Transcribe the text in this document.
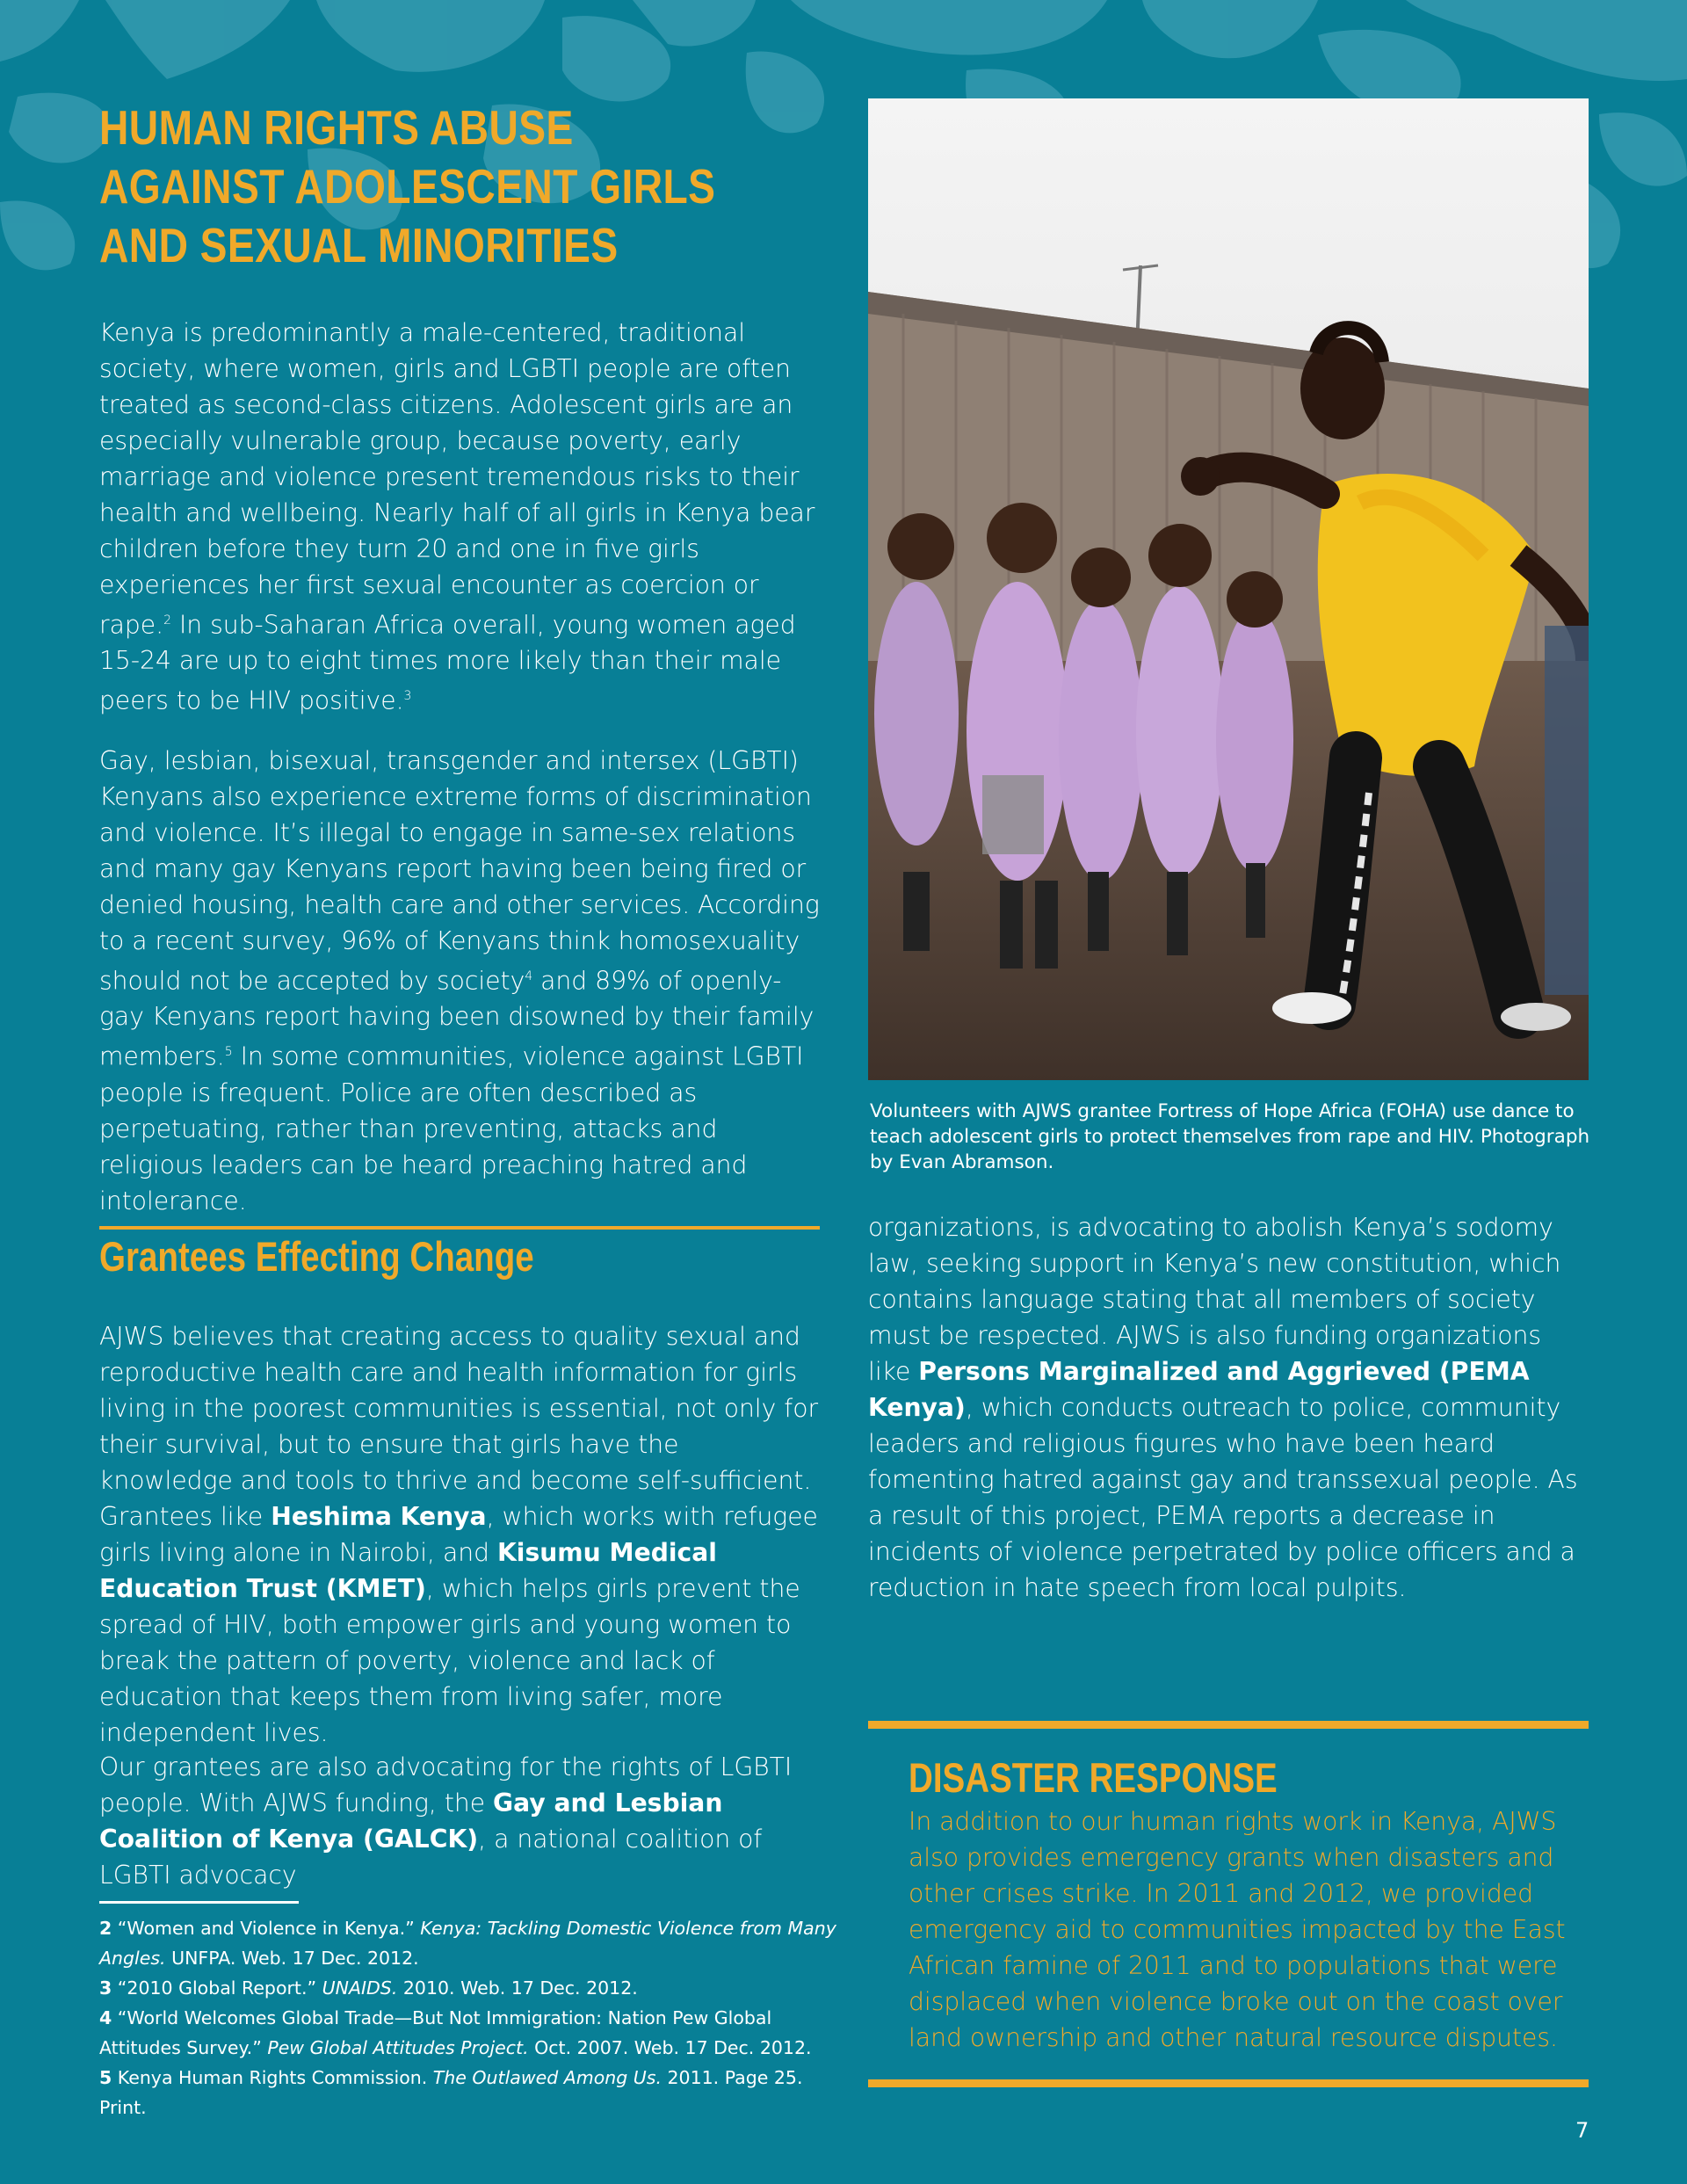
HUMAN RIGHTS ABUSE
AGAINST ADOLESCENT GIRLS
AND SEXUAL MINORITIES

Kenya is predominantly a male-centered, traditional society, where women, girls and LGBTI people are often treated as second-class citizens. Adolescent girls are an especially vulnerable group, because poverty, early marriage and violence present tremendous risks to their health and wellbeing. Nearly half of all girls in Kenya bear children before they turn 20 and one in five girls experiences her first sexual encounter as coercion or rape.$^2$ In sub-Saharan Africa overall, young women aged 15-24 are up to eight times more likely than their male peers to be HIV positive.$^3$

Gay, lesbian, bisexual, transgender and intersex (LGBTI) Kenyans also experience extreme forms of discrimination and violence. It’s illegal to engage in same-sex relations and many gay Kenyans report having been being fired or denied housing, health care and other services. According to a recent survey, 96% of Kenyans think homosexuality should not be accepted by society$^4$ and 89% of openly-gay Kenyans report having been disowned by their family members.$^5$ In some communities, violence against LGBTI people is frequent. Police are often described as perpetuating, rather than preventing, attacks and religious leaders can be heard preaching hatred and intolerance.

Volunteers with AJWS grantee Fortress of Hope Africa (FOHA) use dance to teach adolescent girls to protect themselves from rape and HIV. Photograph by Evan Abramson.
Grantees Effecting Change

AJWS believes that creating access to quality sexual and reproductive health care and health information for girls living in the poorest communities is essential, not only for their survival, but to ensure that girls have the knowledge and tools to thrive and become self-sufficient. Grantees like Heshima Kenya, which works with refugee girls living alone in Nairobi, and Kisumu Medical Education Trust (KMET), which helps girls prevent the spread of HIV, both empower girls and young women to break the pattern of poverty, violence and lack of education that keeps them from living safer, more independent lives.

Our grantees are also advocating for the rights of LGBTI people. With AJWS funding, the Gay and Lesbian Coalition of Kenya (GALCK), a national coalition of LGBTI advocacy

organizations, is advocating to abolish Kenya’s sodomy law, seeking support in Kenya’s new constitution, which contains language stating that all members of society must be respected. AJWS is also funding organizations like Persons Marginalized and Aggrieved (PEMA Kenya), which conducts outreach to police, community leaders and religious figures who have been heard fomenting hatred against gay and transsexual people. As a result of this project, PEMA reports a decrease in incidents of violence perpetrated by police officers and a reduction in hate speech from local pulpits.

2 “Women and Violence in Kenya.” Kenya: Tackling Domestic Violence from Many Angles. UNFPA. Web. 17 Dec. 2012.

3 “2010 Global Report.” UNAIDS. 2010. Web. 17 Dec. 2012.

4 “World Welcomes Global Trade—But Not Immigration: Nation Pew Global Attitudes Survey.” Pew Global Attitudes Project. Oct. 2007. Web. 17 Dec. 2012.

5 Kenya Human Rights Commission. The Outlawed Among Us. 2011. Page 25. Print.

DISASTER RESPONSE

In addition to our human rights work in Kenya, AJWS also provides emergency grants when disasters and other crises strike. In 2011 and 2012, we provided emergency aid to communities impacted by the East African famine of 2011 and to populations that were displaced when violence broke out on the coast over land ownership and other natural resource disputes.

7
